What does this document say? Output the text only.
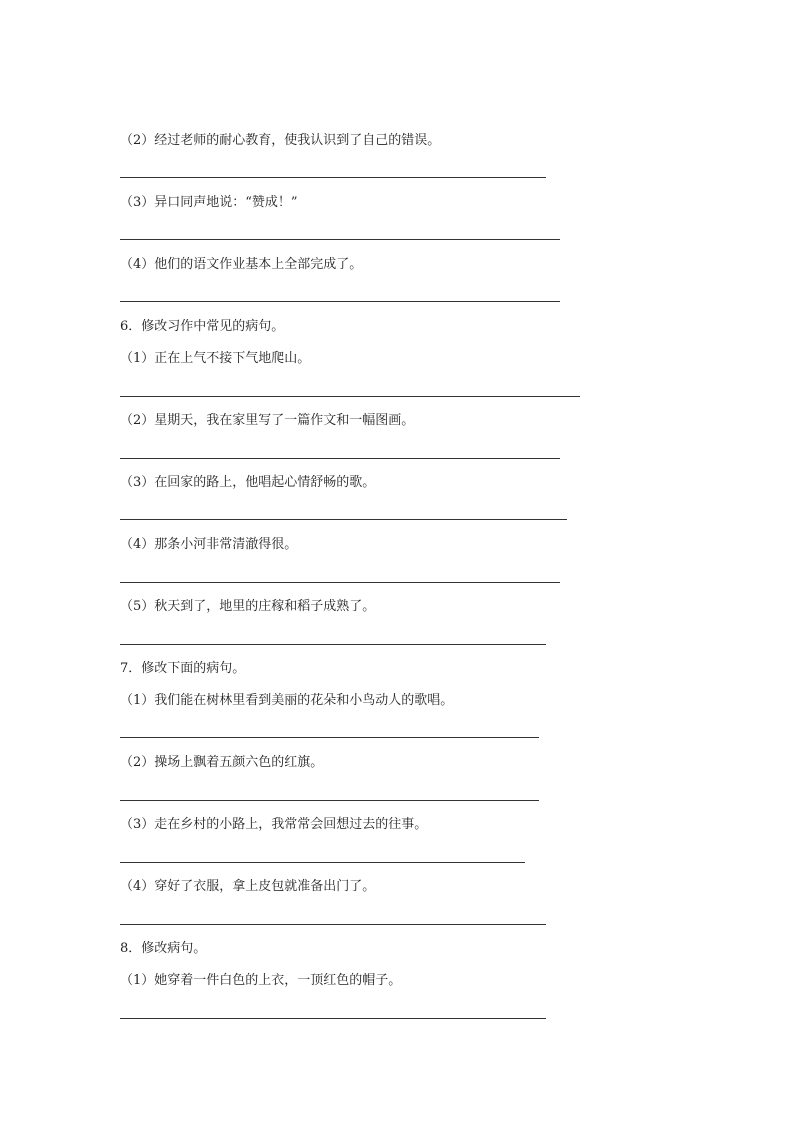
（2）经过老师的耐心教育，使我认识到了自己的错误。
（3）异口同声地说：“赞成！”
（4）他们的语文作业基本上全部完成了。
6．修改习作中常见的病句。
（1）正在上气不接下气地爬山。
（2）星期天，我在家里写了一篇作文和一幅图画。
（3）在回家的路上，他唱起心情舒畅的歌。
（4）那条小河非常清澈得很。
（5）秋天到了，地里的庄稼和稻子成熟了。
7．修改下面的病句。
（1）我们能在树林里看到美丽的花朵和小鸟动人的歌唱。
（2）操场上飘着五颜六色的红旗。
（3）走在乡村的小路上，我常常会回想过去的往事。
（4）穿好了衣服，拿上皮包就准备出门了。
8．修改病句。
（1）她穿着一件白色的上衣，一顶红色的帽子。
